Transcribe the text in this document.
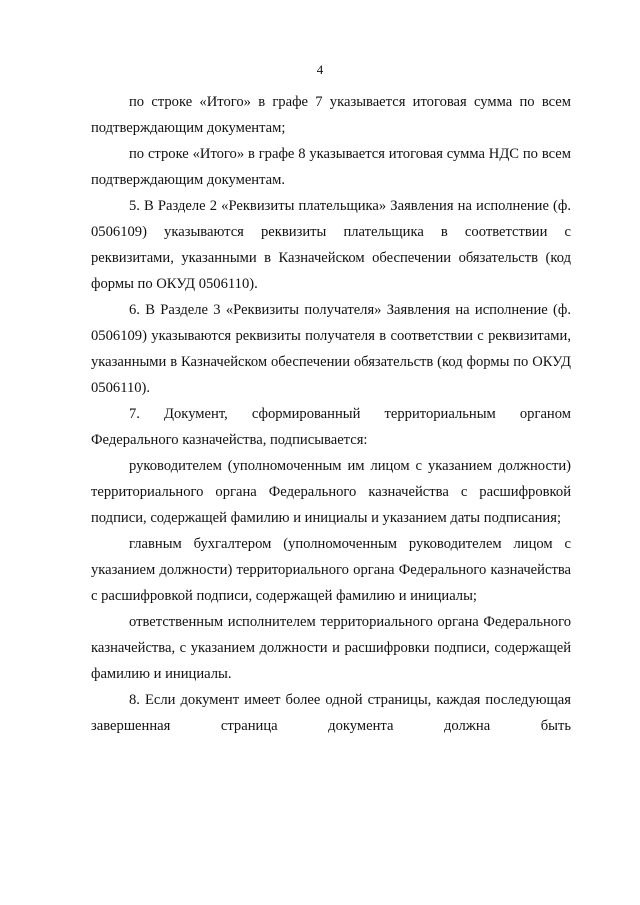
4

по строке «Итого» в графе 7 указывается итоговая сумма по всем подтверждающим документам;

по строке «Итого» в графе 8 указывается итоговая сумма НДС по всем подтверждающим документам.

5. В Разделе 2 «Реквизиты плательщика» Заявления на исполнение (ф. 0506109) указываются реквизиты плательщика в соответствии с реквизитами, указанными в Казначейском обеспечении обязательств (код формы по ОКУД 0506110).

6. В Разделе 3 «Реквизиты получателя» Заявления на исполнение (ф. 0506109) указываются реквизиты получателя в соответствии с реквизитами, указанными в Казначейском обеспечении обязательств (код формы по ОКУД 0506110).

7. Документ, сформированный территориальным органом Федерального казначейства, подписывается:

руководителем (уполномоченным им лицом с указанием должности) территориального органа Федерального казначейства с расшифровкой подписи, содержащей фамилию и инициалы и указанием даты подписания;

главным бухгалтером (уполномоченным руководителем лицом с указанием должности) территориального органа Федерального казначейства с расшифровкой подписи, содержащей фамилию и инициалы;

ответственным исполнителем территориального органа Федерального казначейства, с указанием должности и расшифровки подписи, содержащей фамилию и инициалы.

8. Если документ имеет более одной страницы, каждая последующая завершенная страница документа должна быть
